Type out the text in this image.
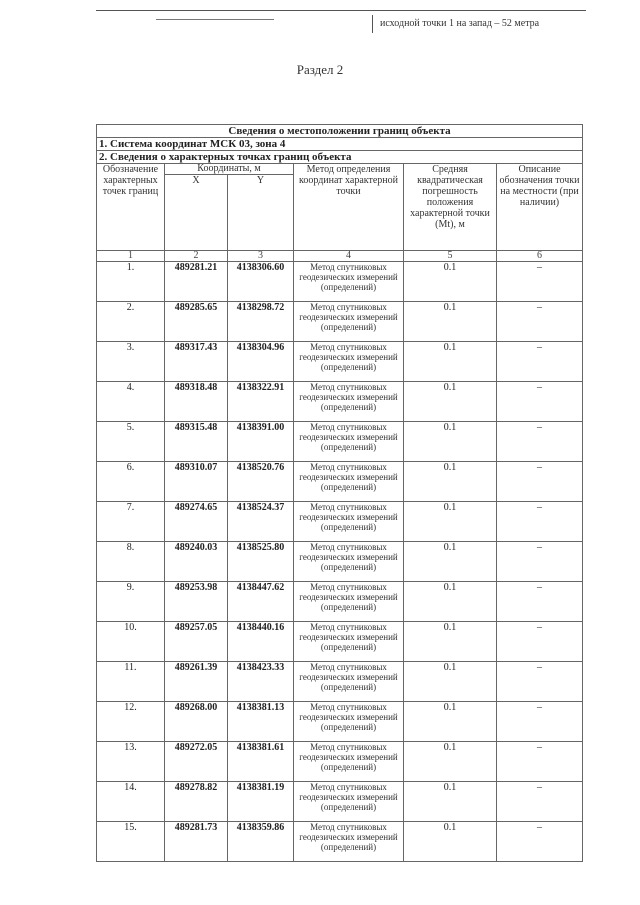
исходной точки 1 на запад – 52 метра
Раздел 2
Сведения о местоположении границ объекта					
1. Система координат МСК 03, зона 4					
2. Сведения о характерных точках границ объекта					
Обозначение характерных точек границ	Координаты, м		Метод определения координат характерной точки	Средняя квадратическая погрешность положения характерной точки (Mt), м	Описание обозначения точки на местности (при наличии)
	X	Y			
1	2	3	4	5	6
1.	489281.21	4138306.60	Метод спутниковых геодезических измерений (определений)	0.1	–
2.	489285.65	4138298.72	Метод спутниковых геодезических измерений (определений)	0.1	–
3.	489317.43	4138304.96	Метод спутниковых геодезических измерений (определений)	0.1	–
4.	489318.48	4138322.91	Метод спутниковых геодезических измерений (определений)	0.1	–
5.	489315.48	4138391.00	Метод спутниковых геодезических измерений (определений)	0.1	–
6.	489310.07	4138520.76	Метод спутниковых геодезических измерений (определений)	0.1	–
7.	489274.65	4138524.37	Метод спутниковых геодезических измерений (определений)	0.1	–
8.	489240.03	4138525.80	Метод спутниковых геодезических измерений (определений)	0.1	–
9.	489253.98	4138447.62	Метод спутниковых геодезических измерений (определений)	0.1	–
10.	489257.05	4138440.16	Метод спутниковых геодезических измерений (определений)	0.1	–
11.	489261.39	4138423.33	Метод спутниковых геодезических измерений (определений)	0.1	–
12.	489268.00	4138381.13	Метод спутниковых геодезических измерений (определений)	0.1	–
13.	489272.05	4138381.61	Метод спутниковых геодезических измерений (определений)	0.1	–
14.	489278.82	4138381.19	Метод спутниковых геодезических измерений (определений)	0.1	–
15.	489281.73	4138359.86	Метод спутниковых геодезических измерений (определений)	0.1	–
